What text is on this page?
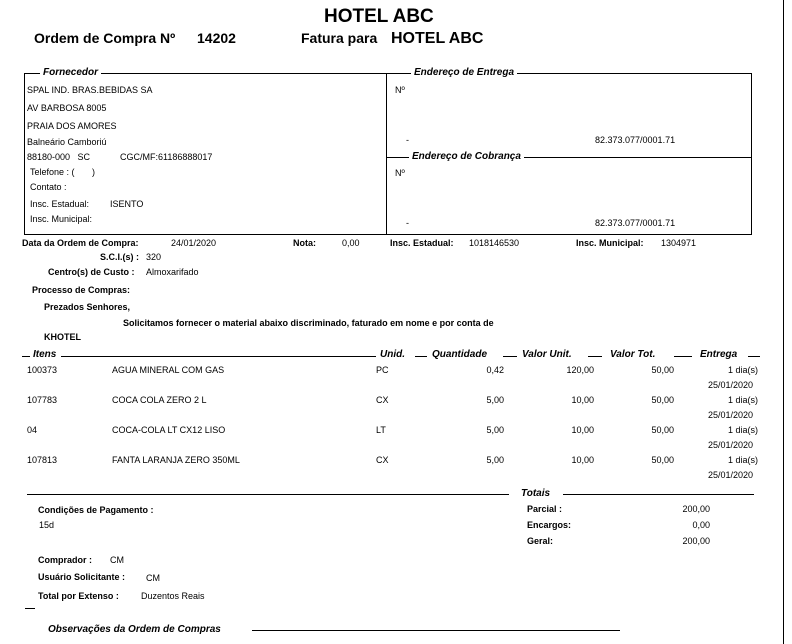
HOTEL ABC
Ordem de Compra Nº 14202	Fatura para HOTEL ABC
Fornecedor
SPAL IND. BRAS.BEBIDAS SA
AV BARBOSA 8005
PRAIA DOS AMORES
Balneário Camboriú
88180-000   SC	CGC/MF:61186888017
Telefone : (       )
Contato :
Insc. Estadual: ISENTO
Insc. Municipal:
Endereço de Entrega
Nº
-	82.373.077/0001.71
Endereço de Cobrança
Nº
-	82.373.077/0001.71
Data da Ordem de Compra:	24/01/2020	Nota:	0,00	Insc. Estadual: 1018146530	Insc. Municipal: 1304971
S.C.I.(s) : 320
Centro(s) de Custo : Almoxarifado
Processo de Compras:
Prezados Senhores,
Solicitamos fornecer o material abaixo discriminado, faturado em nome e por conta de
KHOTEL
Itens	Unid.	Quantidade	Valor Unit.	Valor Tot.	Entrega
100373	AGUA MINERAL COM GAS	PC	0,42	120,00	50,00	1 dia(s)
25/01/2020
107783	COCA COLA ZERO 2 L	CX	5,00	10,00	50,00	1 dia(s)
25/01/2020
04	COCA-COLA LT CX12 LISO	LT	5,00	10,00	50,00	1 dia(s)
25/01/2020
107813	FANTA LARANJA ZERO 350ML	CX	5,00	10,00	50,00	1 dia(s)
25/01/2020
Totais
Parcial :	200,00
Encargos:	0,00
Geral:	200,00
Condições de Pagamento :
15d
Comprador : CM
Usuário Solicitante : CM
Total por Extenso : Duzentos Reais
Observações da Ordem de Compras
